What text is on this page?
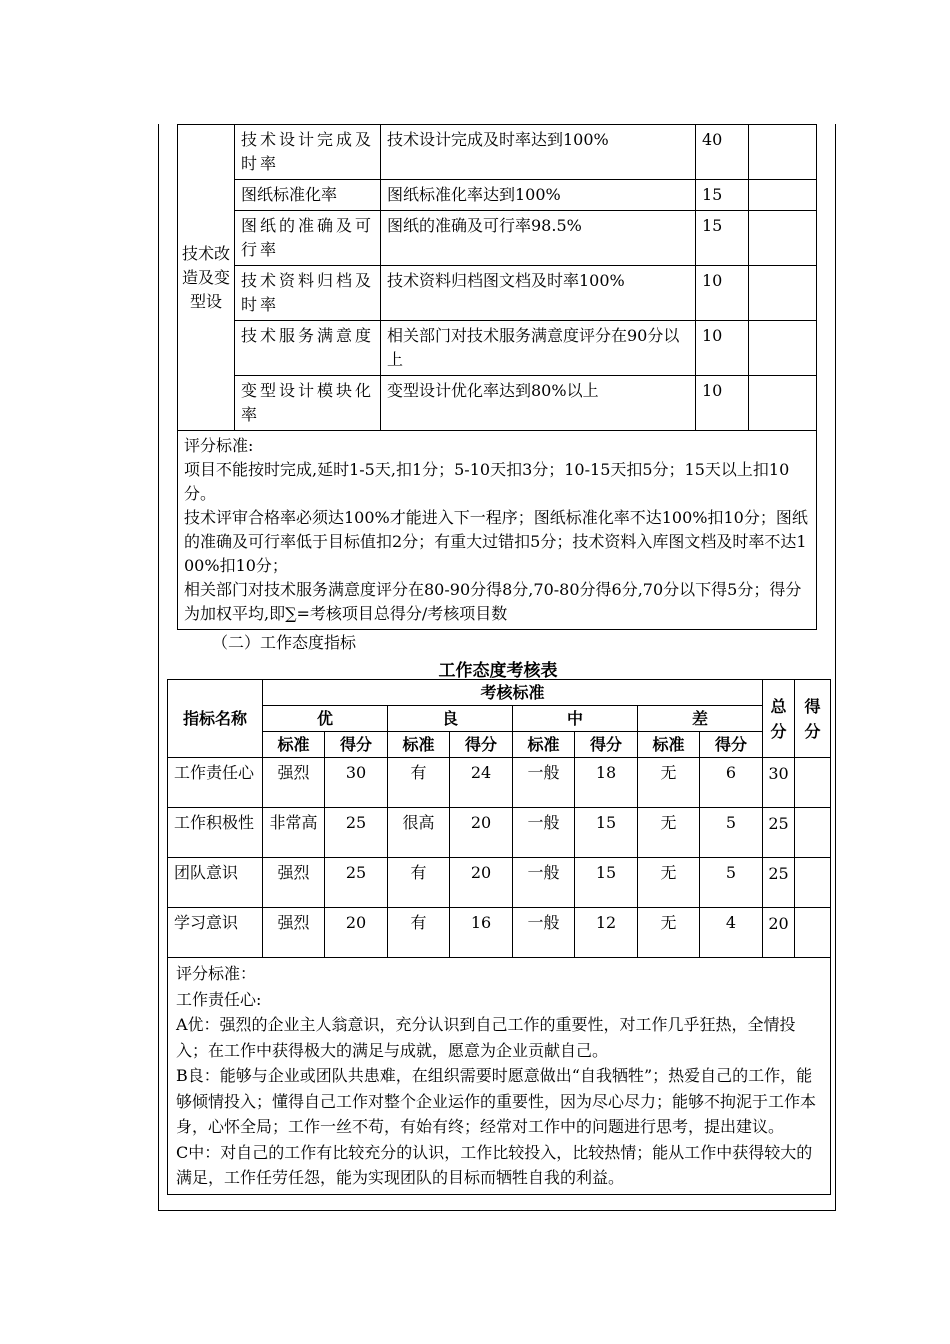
技术改造及变型设	技术设计完成及时率	技术设计完成及时率达到100%	40	
	图纸标准化率	图纸标准化率达到100%	15	
	图纸的准确及可行率	图纸的准确及可行率98.5%	15	
	技术资料归档及时率	技术资料归档图文档及时率100%	10	
	技术服务满意度	相关部门对技术服务满意度评分在90分以上	10	
	变型设计模块化率	变型设计优化率达到80%以上	10	

评分标准:

项目不能按时完成,延时1-5天,扣1分；5-10天扣3分；10-15天扣5分；15天以上扣10分。

技术评审合格率必须达100%才能进入下一程序；图纸标准化率不达100%扣10分；图纸的准确及可行率低于目标值扣2分；有重大过错扣5分；技术资料入库图文档及时率不达100%扣10分；

相关部门对技术服务满意度评分在80-90分得8分,70-80分得6分,70分以下得5分；得分为加权平均,即∑=考核项目总得分/考核项目数				

（二）工作态度指标
工作态度考核表
指标名称	考核标准								总分	得分
	优		良		中		差			
	标准	得分	标准	得分	标准	得分	标准	得分		
工作责任心	强烈	30	有	24	一般	18	无	6	30	
工作积极性	非常高	25	很高	20	一般	15	无	5	25	
团队意识	强烈	25	有	20	一般	15	无	5	25	
学习意识	强烈	20	有	16	一般	12	无	4	20	

评分标准：

工作责任心:

A优：强烈的企业主人翁意识，充分认识到自己工作的重要性，对工作几乎狂热，全情投入；在工作中获得极大的满足与成就，愿意为企业贡献自己。

B良：能够与企业或团队共患难，在组织需要时愿意做出“自我牺牲”；热爱自己的工作，能够倾情投入；懂得自己工作对整个企业运作的重要性，因为尽心尽力；能够不拘泥于工作本身，心怀全局；工作一丝不苟，有始有终；经常对工作中的问题进行思考，提出建议。

C中：对自己的工作有比较充分的认识，工作比较投入，比较热情；能从工作中获得较大的满足，工作任劳任怨，能为实现团队的目标而牺牲自我的利益。										
